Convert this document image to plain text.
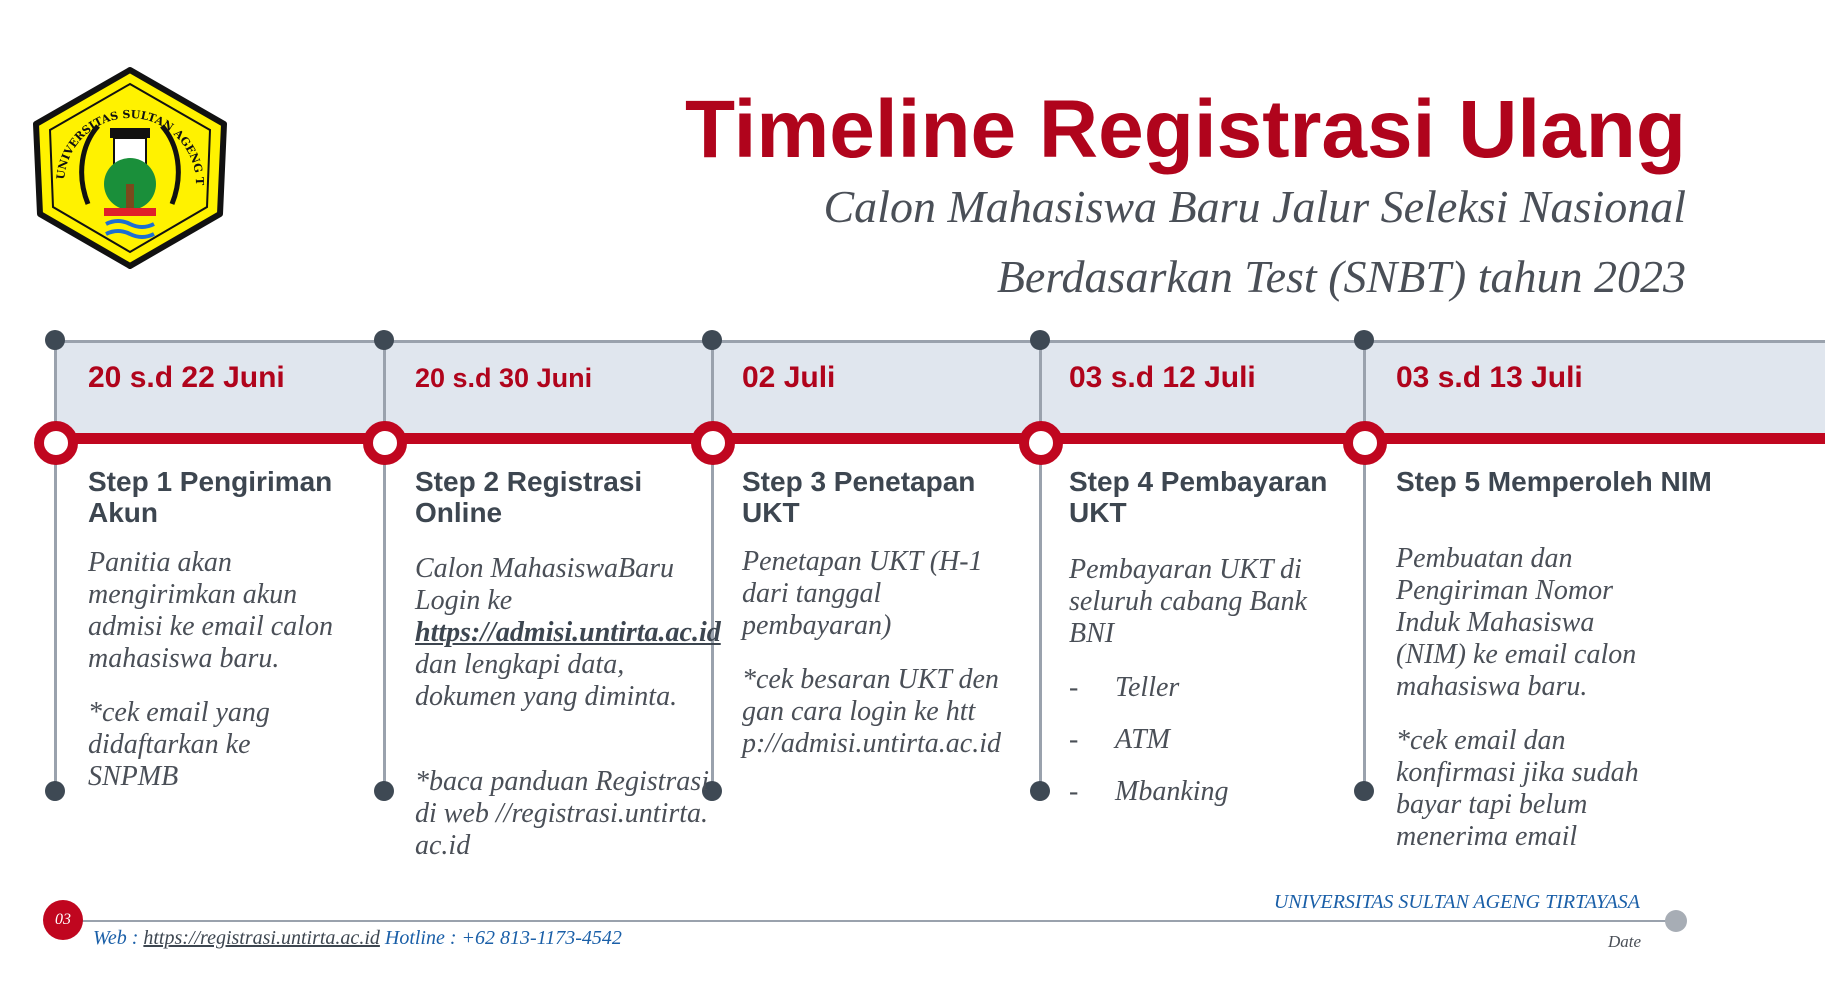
UNIVERSITAS SULTAN AGENG T
Timeline Registrasi Ulang
Calon Mahasiswa Baru Jalur Seleksi Nasional
Berdasarkan Test (SNBT) tahun 2023
20 s.d 22 Juni	20 s.d 30 Juni	02 Juli	03 s.d 12 Juli	03 s.d 13 Juli
Step 1 Pengiriman Akun
Step 2 Registrasi Online
Step 3 Penetapan UKT
Step 4 Pembayaran UKT
Step 5 Memperoleh NIM
Panitia akan mengirimkan akun admisi ke email calon mahasiswa baru.
*cek email yang didaftarkan ke SNPMB
Calon MahasiswaBaru Login ke https://admisi.untirta.ac.id dan lengkapi data, dokumen yang diminta.
*baca panduan Registrasi di web //registrasi.untirta.ac.id
Penetapan UKT (H-1 dari tanggal pembayaran)
*cek besaran UKT dengan cara login ke http://admisi.untirta.ac.id
Pembayaran UKT di seluruh cabang Bank BNI
- Teller
- ATM
- Mbanking
Pembuatan dan Pengiriman Nomor Induk Mahasiswa (NIM) ke email calon mahasiswa baru.
*cek email dan konfirmasi jika sudah bayar tapi belum menerima email
UNIVERSITAS SULTAN AGENG TIRTAYASA
03
Web : https://registrasi.untirta.ac.id Hotline : +62 813-1173-4542	Date
